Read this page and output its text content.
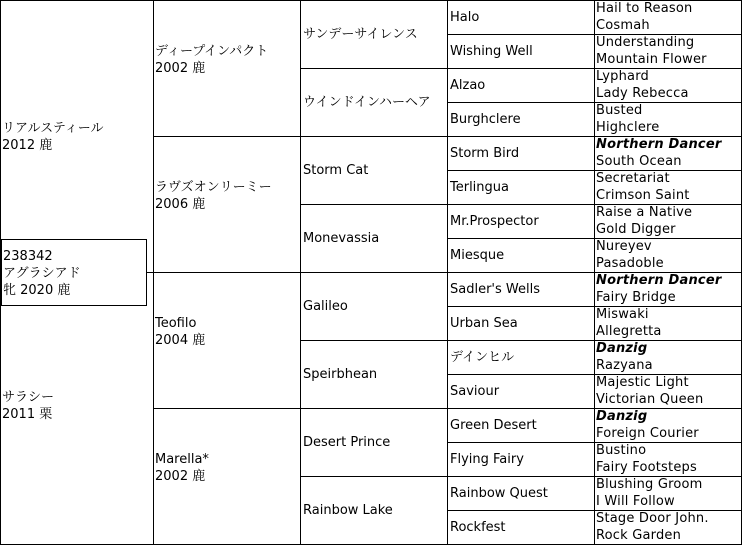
リアルスティール
2012 鹿
サラシー
2011 栗
238342
アグラシアド
牝 2020 鹿
ディープインパクト
2002 鹿
ラヴズオンリーミー
2006 鹿
Teofilo
2004 鹿
Marella*
2002 鹿
サンデーサイレンス
ウインドインハーヘア
Storm Cat
Monevassia
Galileo
Speirbhean
Desert Prince
Rainbow Lake
Halo
Wishing Well
Alzao
Burghclere
Storm Bird
Terlingua
Mr.Prospector
Miesque
Sadler's Wells
Urban Sea
デインヒル
Saviour
Green Desert
Flying Fairy
Rainbow Quest
Rockfest
Hail to Reason
Cosmah
Understanding
Mountain Flower
Lyphard
Lady Rebecca
Busted
Highclere
Northern Dancer
South Ocean
Secretariat
Crimson Saint
Raise a Native
Gold Digger
Nureyev
Pasadoble
Northern Dancer
Fairy Bridge
Miswaki
Allegretta
Danzig
Razyana
Majestic Light
Victorian Queen
Danzig
Foreign Courier
Bustino
Fairy Footsteps
Blushing Groom
I Will Follow
Stage Door John.
Rock Garden
